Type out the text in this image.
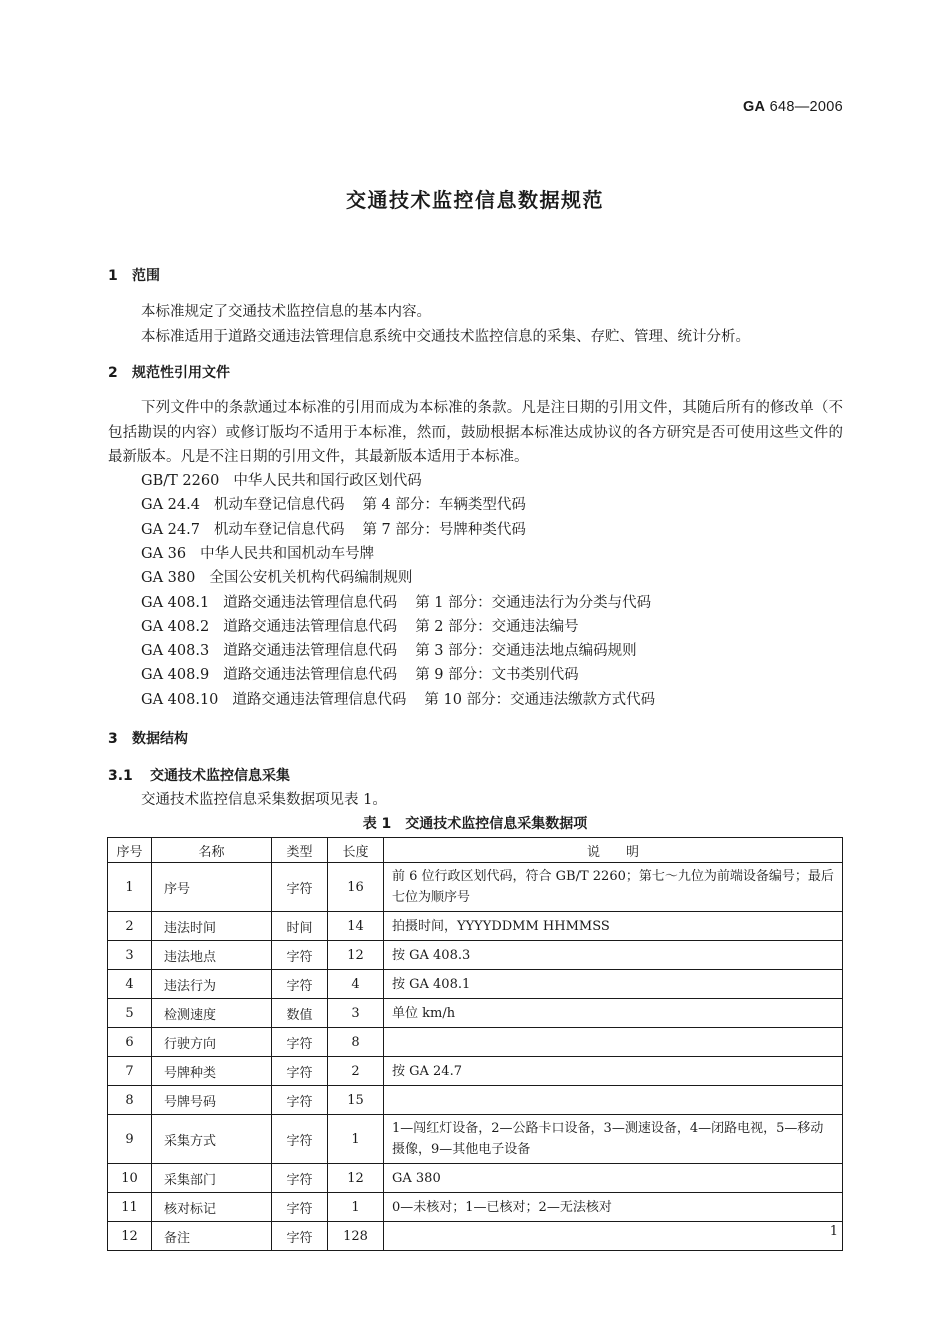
GA 648—2006
交通技术监控信息数据规范
1 范围
本标准规定了交通技术监控信息的基本内容。
本标准适用于道路交通违法管理信息系统中交通技术监控信息的采集、存贮、管理、统计分析。
2 规范性引用文件
下列文件中的条款通过本标准的引用而成为本标准的条款。凡是注日期的引用文件，其随后所有的修改单（不包括勘误的内容）或修订版均不适用于本标准，然而，鼓励根据本标准达成协议的各方研究是否可使用这些文件的最新版本。凡是不注日期的引用文件，其最新版本适用于本标准。
GB/T 2260 中华人民共和国行政区划代码
GA 24.4 机动车登记信息代码 第 4 部分：车辆类型代码
GA 24.7 机动车登记信息代码 第 7 部分：号牌种类代码
GA 36 中华人民共和国机动车号牌
GA 380 全国公安机关机构代码编制规则
GA 408.1 道路交通违法管理信息代码 第 1 部分：交通违法行为分类与代码
GA 408.2 道路交通违法管理信息代码 第 2 部分：交通违法编号
GA 408.3 道路交通违法管理信息代码 第 3 部分：交通违法地点编码规则
GA 408.9 道路交通违法管理信息代码 第 9 部分：文书类别代码
GA 408.10 道路交通违法管理信息代码 第 10 部分：交通违法缴款方式代码
3 数据结构
3.1 交通技术监控信息采集
交通技术监控信息采集数据项见表 1。
表 1　交通技术监控信息采集数据项
序号	名称	类型	长度	说　　明
1	序号	字符	16	前 6 位行政区划代码，符合 GB/T 2260；第七～九位为前端设备编号；最后七位为顺序号
2	违法时间	时间	14	拍摄时间，YYYYDDMM HHMMSS
3	违法地点	字符	12	按 GA 408.3
4	违法行为	字符	4	按 GA 408.1
5	检测速度	数值	3	单位 km/h
6	行驶方向	字符	8	
7	号牌种类	字符	2	按 GA 24.7
8	号牌号码	字符	15	
9	采集方式	字符	1	1—闯红灯设备，2—公路卡口设备，3—测速设备，4—闭路电视，5—移动摄像，9—其他电子设备
10	采集部门	字符	12	GA 380
11	核对标记	字符	1	0—未核对；1—已核对；2—无法核对
12	备注	字符	128		1
